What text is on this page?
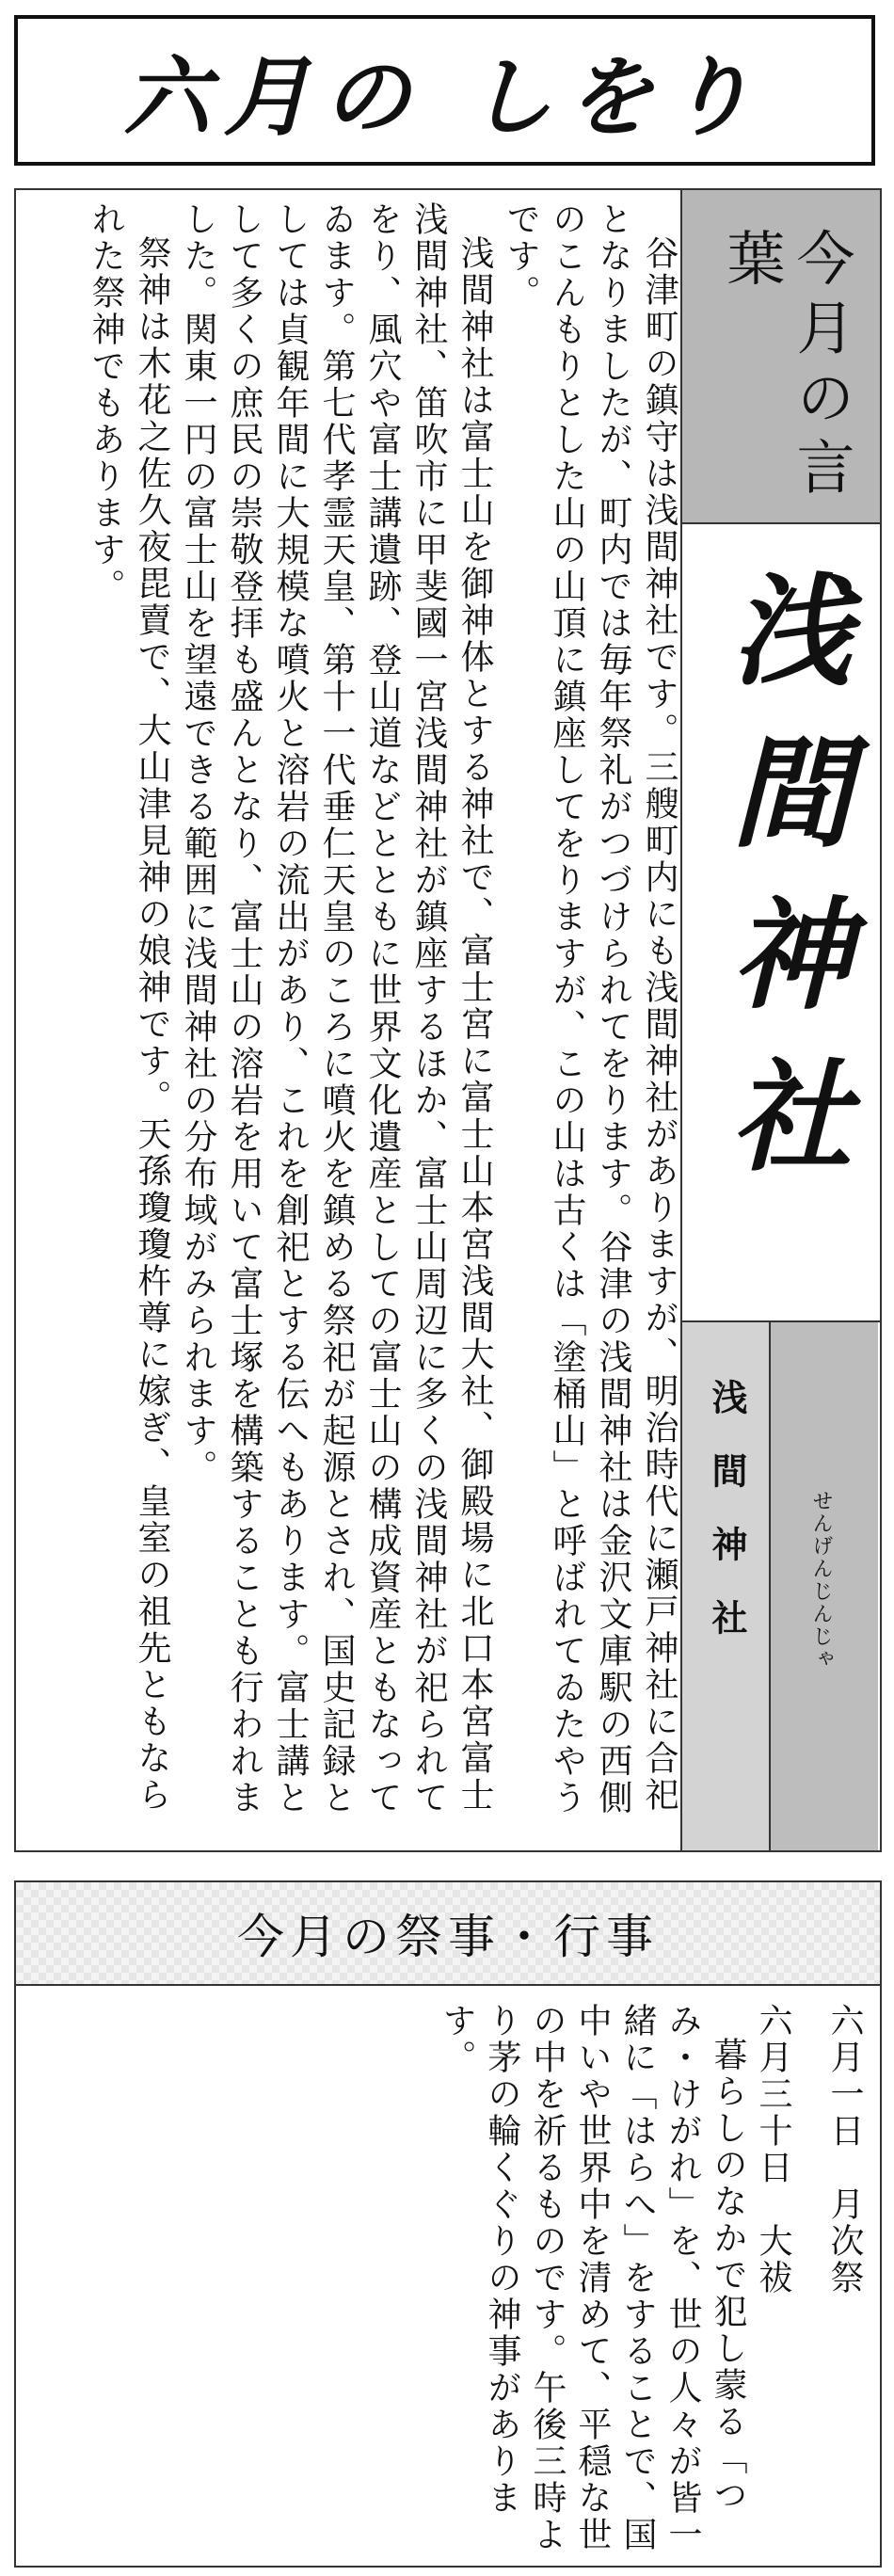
六月の しをり

谷津町の鎮守は浅間神社です。三艘町内にも浅間神社がありますが、明治時代に瀬戸神社に合祀となりましたが、町内では毎年祭礼がつづけられてをります。谷津の浅間神社は金沢文庫駅の西側のこんもりとした山の山頂に鎮座してをりますが、この山は古くは「塗桶山」と呼ばれてゐたやうです。

浅間神社は富士山を御神体とする神社で、富士宮に富士山本宮浅間大社、御殿場に北口本宮富士浅間神社、笛吹市に甲斐國一宮浅間神社が鎮座するほか、富士山周辺に多くの浅間神社が祀られてをり、風穴や富士講遺跡、登山道などとともに世界文化遺産としての富士山の構成資産ともなってゐます。第七代孝霊天皇、第十一代垂仁天皇のころに噴火を鎮める祭祀が起源とされ、国史記録としては貞観年間に大規模な噴火と溶岩の流出があり、これを創祀とする伝へもあります。富士講として多くの庶民の崇敬登拝も盛んとなり、富士山の溶岩を用いて富士塚を構築することも行われました。関東一円の富士山を望遠できる範囲に浅間神社の分布域がみられます。

祭神は木花之佐久夜毘賣で、大山津見神の娘神です。天孫瓊瓊杵尊に嫁ぎ、皇室の祖先ともなられた祭神でもあります。	今月の言葉
浅間神社
浅間神社	せんげんじんじゃ
今月の祭事・行事

六月一日　月次祭

六月三十日　大祓

暮らしのなかで犯し蒙る「つみ・けがれ」を、世の人々が皆一緒に「はらへ」をすることで、国中いや世界中を清めて、平穏な世の中を祈るものです。午後三時より茅の輪くぐりの神事がありま す。
